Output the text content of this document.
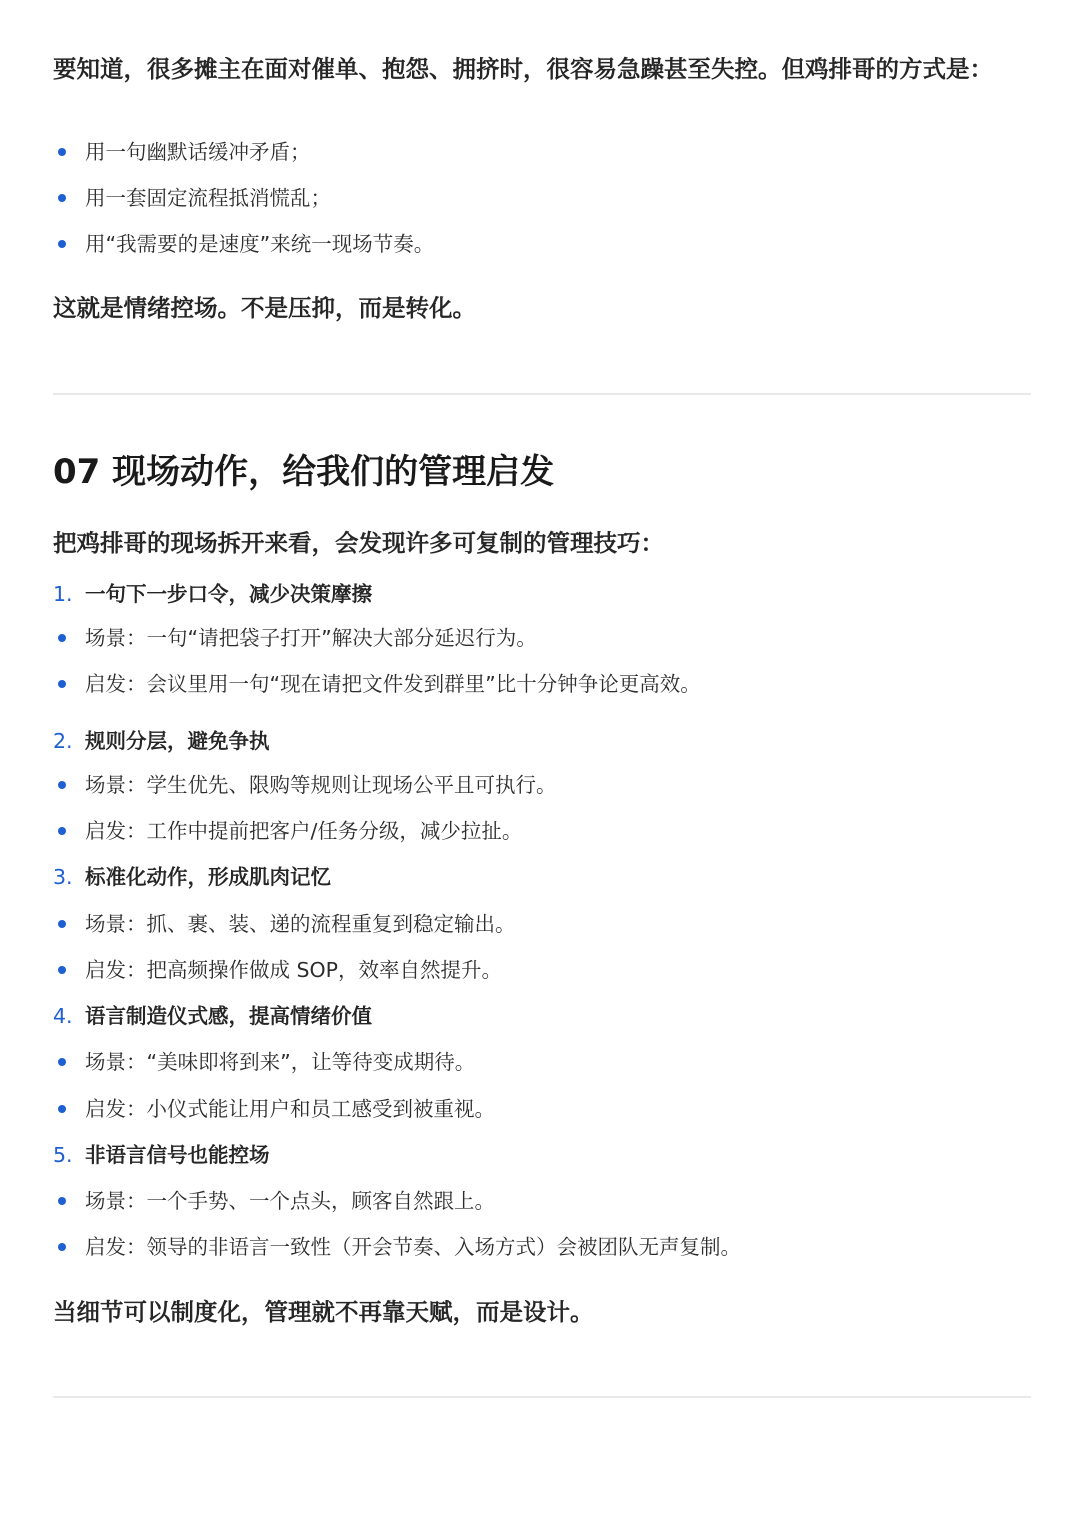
要知道，很多摊主在面对催单、抱怨、拥挤时，很容易急躁甚至失控。但鸡排哥的方式是：
用一句幽默话缓冲矛盾；
用一套固定流程抵消慌乱；
用“我需要的是速度”来统一现场节奏。
这就是情绪控场。不是压抑，而是转化。
07 现场动作，给我们的管理启发
把鸡排哥的现场拆开来看，会发现许多可复制的管理技巧：
1. 一句下一步口令，减少决策摩擦
场景：一句“请把袋子打开”解决大部分延迟行为。
启发：会议里用一句“现在请把文件发到群里”比十分钟争论更高效。
2. 规则分层，避免争执
场景：学生优先、限购等规则让现场公平且可执行。
启发：工作中提前把客户/任务分级，减少拉扯。
3. 标准化动作，形成肌肉记忆
场景：抓、裹、装、递的流程重复到稳定输出。
启发：把高频操作做成 SOP，效率自然提升。
4. 语言制造仪式感，提高情绪价值
场景：“美味即将到来”，让等待变成期待。
启发：小仪式能让用户和员工感受到被重视。
5. 非语言信号也能控场
场景：一个手势、一个点头，顾客自然跟上。
启发：领导的非语言一致性（开会节奏、入场方式）会被团队无声复制。
当细节可以制度化，管理就不再靠天赋，而是设计。
